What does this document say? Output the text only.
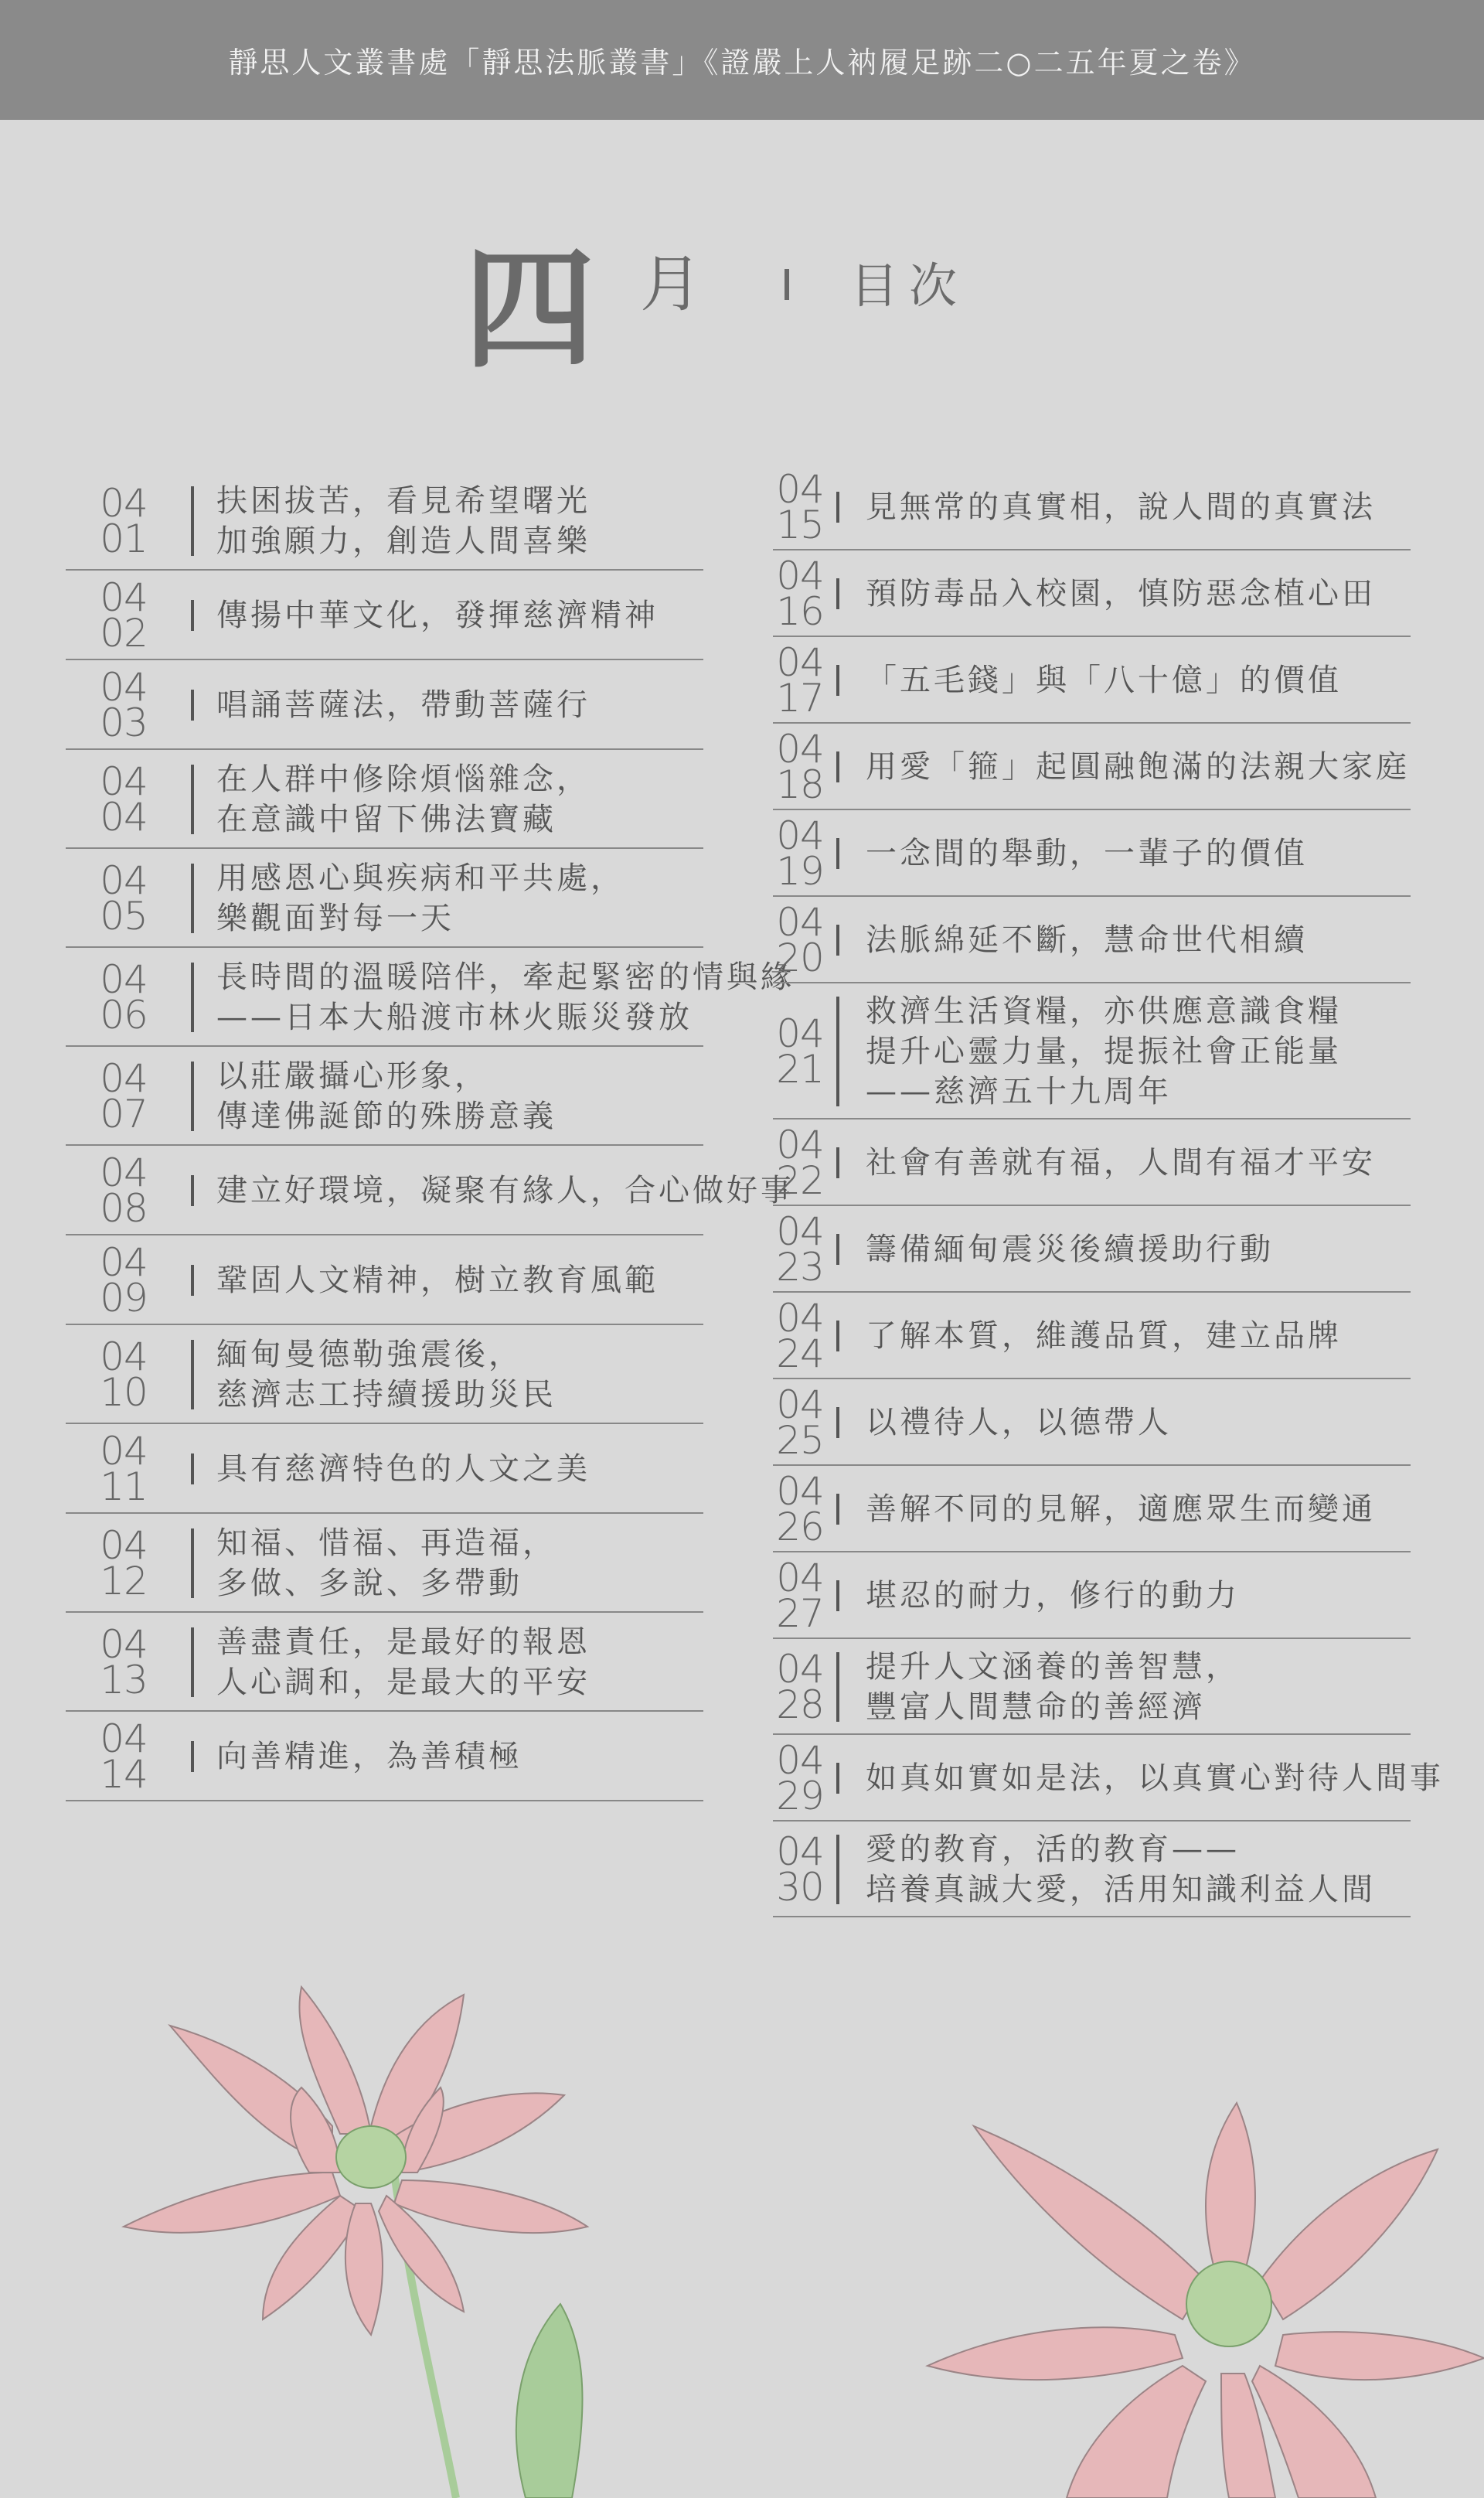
靜思人文叢書處「靜思法脈叢書」《證嚴上人衲履足跡二○二五年夏之卷》
四 月	目次
04
01
扶困拔苦，看見希望曙光
加強願力，創造人間喜樂
04
02 傳揚中華文化，發揮慈濟精神
04
03 唱誦菩薩法，帶動菩薩行
04
04
在人群中修除煩惱雜念，
在意識中留下佛法寶藏
04
05
用感恩心與疾病和平共處，
樂觀面對每一天
04
06
長時間的溫暖陪伴，牽起緊密的情與緣
——日本大船渡市林火賑災發放
04
07
以莊嚴攝心形象，
傳達佛誕節的殊勝意義
04
08 建立好環境，凝聚有緣人，合心做好事
04
09 鞏固人文精神，樹立教育風範
04
10
緬甸曼德勒強震後，
慈濟志工持續援助災民
04
11 具有慈濟特色的人文之美
04
12
知福、惜福、再造福，
多做、多說、多帶動
04
13
善盡責任，是最好的報恩
人心調和，是最大的平安
04
14 向善精進，為善積極
04
15 見無常的真實相，說人間的真實法
04
16 預防毒品入校園，慎防惡念植心田
04
17 「五毛錢」與「八十億」的價值
04
18 用愛「箍」起圓融飽滿的法親大家庭
04
19 一念間的舉動，一輩子的價值
04
20 法脈綿延不斷，慧命世代相續
04
21
救濟生活資糧，亦供應意識食糧
提升心靈力量，提振社會正能量
——慈濟五十九周年
04
22 社會有善就有福，人間有福才平安
04
23 籌備緬甸震災後續援助行動
04
24 了解本質，維護品質，建立品牌
04
25 以禮待人，以德帶人
04
26 善解不同的見解，適應眾生而變通
04
27 堪忍的耐力，修行的動力
04
28
提升人文涵養的善智慧，
豐富人間慧命的善經濟
04
29 如真如實如是法，以真實心對待人間事
04
30
愛的教育，活的教育——
培養真誠大愛，活用知識利益人間
